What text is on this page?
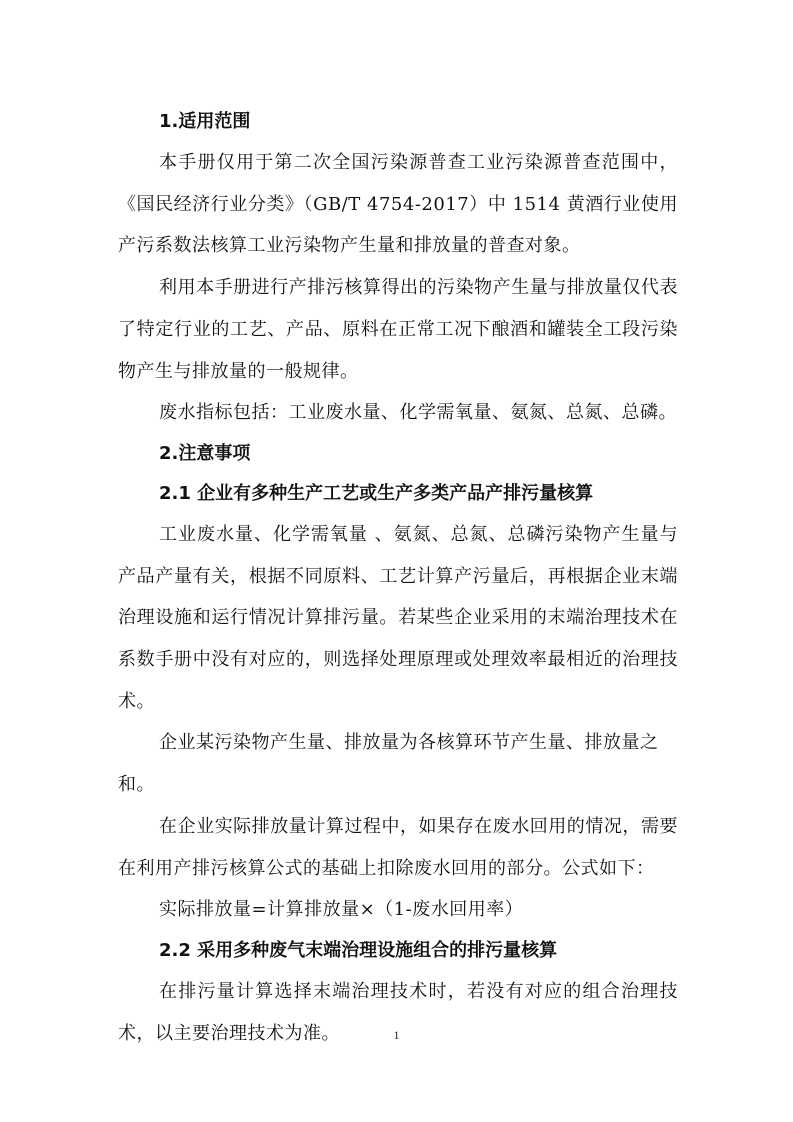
1.适用范围

本手册仅用于第二次全国污染源普查工业污染源普查范围中，《国民经济行业分类》（GB/T 4754-2017）中 1514 黄酒行业使用产污系数法核算工业污染物产生量和排放量的普查对象。

利用本手册进行产排污核算得出的污染物产生量与排放量仅代表了特定行业的工艺、产品、原料在正常工况下酿酒和罐装全工段污染物产生与排放量的一般规律。

废水指标包括：工业废水量、化学需氧量、氨氮、总氮、总磷。

2.注意事项
2.1 企业有多种生产工艺或生产多类产品产排污量核算

工业废水量、化学需氧量 、氨氮、总氮、总磷污染物产生量与产品产量有关，根据不同原料、工艺计算产污量后，再根据企业末端治理设施和运行情况计算排污量。若某些企业采用的末端治理技术在系数手册中没有对应的，则选择处理原理或处理效率最相近的治理技术。

企业某污染物产生量、排放量为各核算环节产生量、排放量之和。

在企业实际排放量计算过程中，如果存在废水回用的情况，需要在利用产排污核算公式的基础上扣除废水回用的部分。公式如下：

实际排放量=计算排放量×（1-废水回用率）

2.2 采用多种废气末端治理设施组合的排污量核算

在排污量计算选择末端治理技术时，若没有对应的组合治理技术，以主要治理技术为准。	1
